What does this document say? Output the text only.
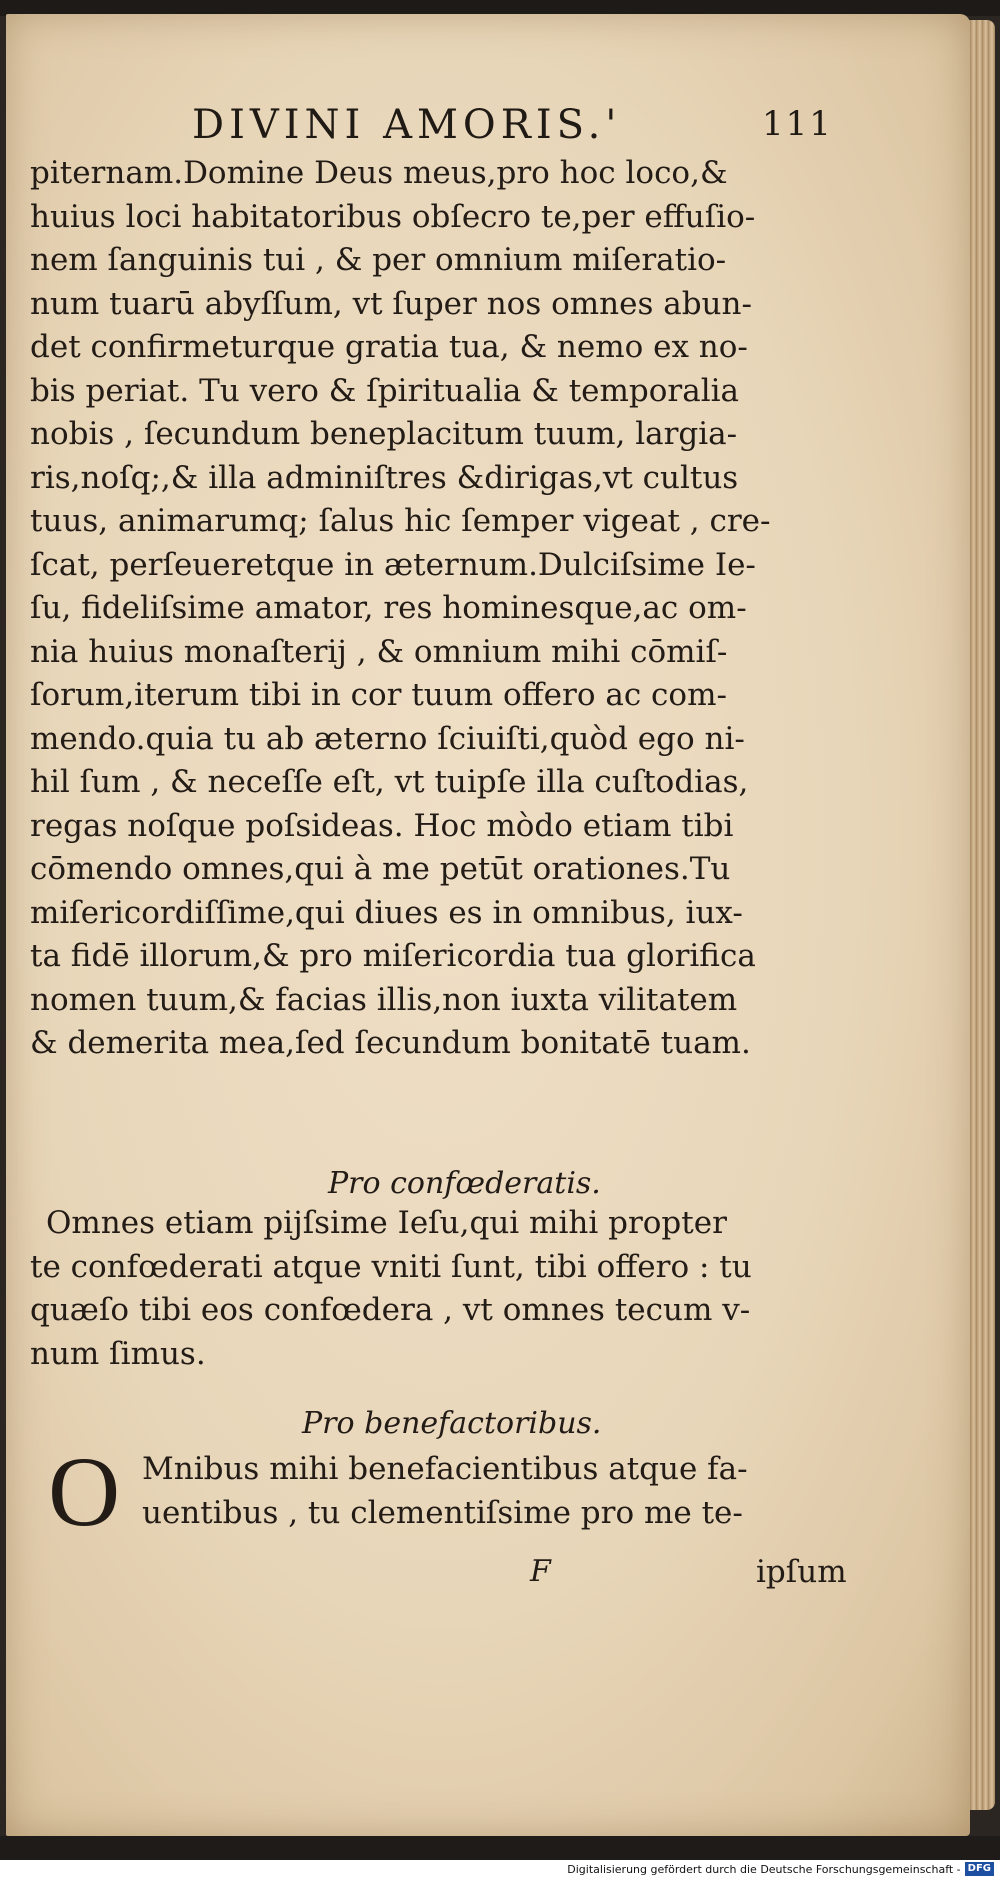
DIVINI AMORIS.'	111
piternam.Domine Deus meus,pro hoc loco,&
huius loci habitatoribus obſecro te,per effuſio-
nem ſanguinis tui , & per omnium miſeratio-
num tuarū abyſſum, vt ſuper nos omnes abun-
det confirmeturque gratia tua, & nemo ex no-
bis periat. Tu vero & ſpiritualia & temporalia
nobis , ſecundum beneplacitum tuum, largia-
ris,noſq;,& illa adminiſtres &dirigas,vt cultus
tuus, animarumq; ſalus hic ſemper vigeat , cre-
ſcat, perſeueretque in æternum.Dulciſsime Ie-
ſu, fideliſsime amator, res hominesque,ac om-
nia huius monaſterij , & omnium mihi cōmiſ-
ſorum,iterum tibi in cor tuum offero ac com-
mendo.quia tu ab æterno ſciuiſti,quòd ego ni-
hil ſum , & neceſſe eſt, vt tuipſe illa cuſtodias,
regas noſque poſsideas. Hoc mòdo etiam tibi
cōmendo omnes,qui à me petūt orationes.Tu
miſericordiſſime,qui diues es in omnibus, iux-
ta fidē illorum,& pro miſericordia tua glorifica
nomen tuum,& facias illis,non iuxta vilitatem
& demerita mea,ſed ſecundum bonitatē tuam.
Pro confœderatis.
Omnes etiam pijſsime Ieſu,qui mihi propter
te confœderati atque vniti ſunt, tibi offero : tu
quæſo tibi eos confœdera , vt omnes tecum v-
num ſimus.
Pro benefactoribus.
O Mnibus mihi benefacientibus atque fa-
uentibus , tu clementiſsime pro me te-
F	ipſum
Digitalisierung gefördert durch die Deutsche Forschungsgemeinschaft - DFG
